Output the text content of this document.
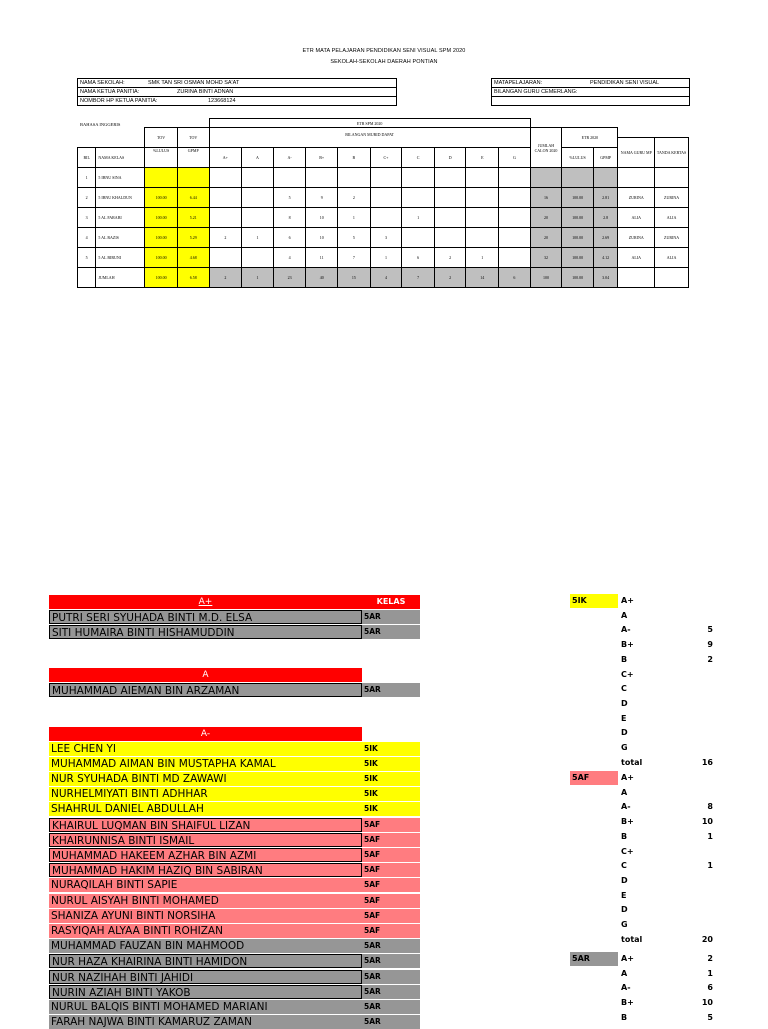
ETR MATA PELAJARAN PENDIDIKAN SENI VISUAL SPM 2020
SEKOLAH-SEKOLAH DAERAH PONTIAN
NAMA SEKOLAH:	SMK TAN SRI OSMAN MOHD SA'AT
NAMA KETUA PANITIA:	ZURINA BINTI ADNAN
NOMBOR HP KETUA PANITIA:	123668124
MATAPELAJARAN:	PENDIDIKAN SENI VISUAL
BILANGAN GURU CEMERLANG:

BAHASA INGGERIS
				ETR SPM 2020														
		TOV	TOV	BILANGAN MURID DAPAT										JUMLAH CALON 2020	ETR 2020			
																	NAMA GURU MP	TANDA KERTAS
BIL	NAMA KELAS	%LULUS	GPMP	A+	A	A-	B+	B	C+	C	D	E	G		%LULUS	GPMP		
1	5 IBNU SINA																	
2	5 IBNU KHALDUN	100.00	6.44			5	9	2						16	100.00	2.81	ZURINA	ZURINA
3	5 AL FARABI	100.00	5.21			8	10	1		1				20	100.00	2.8	ALIA	ALIA
4	5 AL RAZIS	100.00	5.29	2	1	6	10	5	3					20	100.00	2.69	ZURINA	ZURINA
5	5 AL BIRUNI	100.00	4.68			4	11	7	1	6	2	1		32	100.00	4.12	ALIA	ALIA
	JUMLAH	100.00	6.58	2	1	23	40	15	4	7	2	14	6	100	100.00	3.04		
A+	KELAS
PUTRI SERI SYUHADA BINTI M.D. ELSA	5AR
SITI HUMAIRA BINTI HISHAMUDDIN	5AR
A
MUHAMMAD AIEMAN BIN ARZAMAN	5AR
A-
LEE CHEN YI	5IK
MUHAMMAD AIMAN BIN MUSTAPHA KAMAL	5IK
NUR SYUHADA BINTI MD ZAWAWI	5IK
NURHELMIYATI BINTI ADHHAR	5IK
SHAHRUL DANIEL ABDULLAH	5IK
KHAIRUL LUQMAN BIN SHAIFUL LIZAN	5AF
KHAIRUNNISA BINTI ISMAIL	5AF
MUHAMMAD HAKEEM AZHAR BIN AZMI	5AF
MUHAMMAD HAKIM HAZIQ BIN SABIRAN	5AF
NURAQILAH BINTI SAPIE	5AF
NURUL AISYAH BINTI MOHAMED	5AF
SHANIZA AYUNI BINTI NORSIHA	5AF
RASYIQAH ALYAA BINTI ROHIZAN	5AF
MUHAMMAD FAUZAN BIN MAHMOOD	5AR
NUR HAZA KHAIRINA BINTI HAMIDON	5AR
NUR NAZIHAH BINTI JAHIDI	5AR
NURIN AZIAH BINTI YAKOB	5AR
NURUL BALQIS BINTI MOHAMED MARIANI	5AR
FARAH NAJWA BINTI KAMARUZ ZAMAN	5AR
5IK	A+
A
A-	5
B+	9
B	2
C+
C
D
E
D
G
total	16
5AF	A+
A
A-	8
B+	10
B	1
C+
C	1
D
E
D
G
total	20
5AR	A+	2
A	1
A-	6
B+	10
B	5
